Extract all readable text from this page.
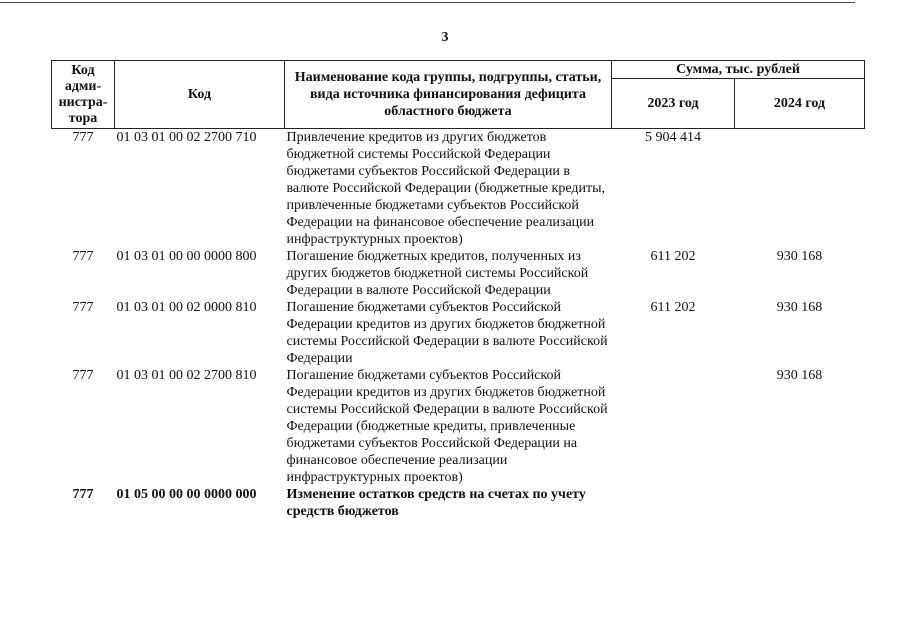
3
Код адми-нистра-тора	Код	Наименование кода группы, подгруппы, статьи, вида источника финансирования дефицита областного бюджета	Сумма, тыс. рублей	
			2023 год	2024 год
777	01 03 01 00 02 2700 710	Привлечение кредитов из других бюджетов бюджетной системы Российской Федерации бюджетами субъектов Российской Федерации в валюте Российской Федерации (бюджетные кредиты, привлеченные бюджетами субъектов Российской Федерации на финансовое обеспечение реализации инфраструктурных проектов)	5 904 414	
777	01 03 01 00 00 0000 800	Погашение бюджетных кредитов, полученных из других бюджетов бюджетной системы Российской Федерации в валюте Российской Федерации	611 202	930 168
777	01 03 01 00 02 0000 810	Погашение бюджетами субъектов Российской Федерации кредитов из других бюджетов бюджетной системы Российской Федерации в валюте Российской Федерации	611 202	930 168
777	01 03 01 00 02 2700 810	Погашение бюджетами субъектов Российской Федерации кредитов из других бюджетов бюджетной системы Российской Федерации в валюте Российской Федерации (бюджетные кредиты, привлеченные бюджетами субъектов Российской Федерации на финансовое обеспечение реализации инфраструктурных проектов)		930 168
777	01 05 00 00 00 0000 000	Изменение остатков средств на счетах по учету средств бюджетов		
